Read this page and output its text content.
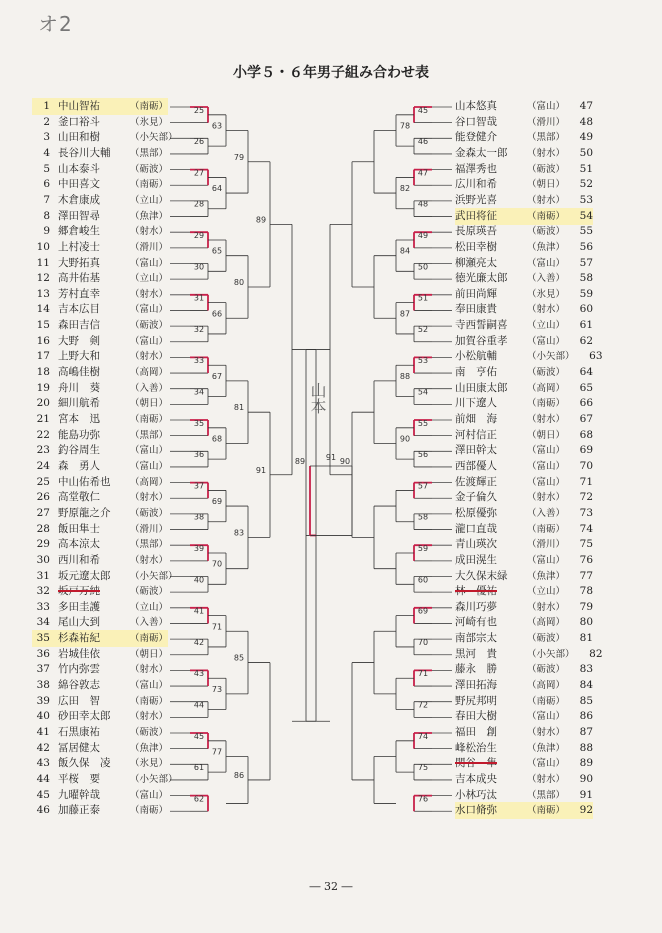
オ2
小学５・６年男子組み合わせ表
山本
25
26
27
28
29
30
31
32
33
34
35
36
37
38
39
40
41
42
43
44
45
61
62
63
64
65
66
67
68
69
70
71
73
77
79
80
81
83
85
86
89
91
45
46
47
48
49
50
51
52
53
54
55
56
57
58
59
60
69
70
71
72
74
75
76
78
82
84
87
88
90
89	91 90
1 中山智祐	（南砺）
2 釜口裕斗	（氷見）
3 山田和樹	（小矢部）
4 長谷川大輔 （黒部）
5 山本泰斗	（砺波）
6 中田喜文	（南砺）
7 木倉康成	（立山）
8 澤田智尋	（魚津）
9 郷倉峻生	（射水）
10 上村凌士	（滑川）
11 大野拓真	（富山）
12 高井佑基	（立山）
13 芳村直幸	（射水）
14 吉本広目	（富山）
15 森田吉信	（砺波）
16 大野　剣	（富山）
17 上野大和	（射水）
18 高嶋佳樹	（高岡）
19 舟川　葵	（入善）
20 細川航希	（朝日）
21 宮本　迅	（南砺）
22 能島功弥	（黒部）
23 釣谷周生	（富山）
24 森　勇人	（富山）
25 中山佑希也 （高岡）
26 高堂敬仁	（射水）
27 野原龍之介 （砺波）
28 飯田隼士	（滑川）
29 高本涼太	（黒部）
30 西川和希	（射水）
31 坂元遼太郎 （小矢部）
32 坂戸万純	（砺波）
33 多田圭護	（立山）
34 尾山大到	（入善）
35 杉森祐紀	（南砺）
36 岩城佳依	（朝日）
37 竹内弥雲	（射水）
38 綿谷敦志	（富山）
39 広田　智	（南砺）
40 砂田幸太郎 （射水）
41 石黒康祐	（砺波）
42 冨居健太	（魚津）
43 飯久保　凌 （氷見）
44 平桜　要	（小矢部）
45 九曜幹哉	（富山）
46 加藤正泰	（南砺）
山本悠真	（富山） 47
谷口智哉	（滑川） 48
能登健介	（黒部） 49
金森太一郎 （射水） 50
福澤秀也	（砺波） 51
広川和希	（朝日） 52
浜野光喜	（射水） 53
武田将征	（南砺） 54
長原瑛吾	（砺波） 55
松田幸樹	（魚津） 56
柳瀬亮太	（富山） 57
徳光廉太郎 （入善） 58
前田尚輝	（氷見） 59
奉田康貴	（射水） 60
寺西誓嗣喜 （立山） 61
加賀谷重孝 （富山） 62
小松航輔	（小矢部） 63
南　亨佑	（砺波） 64
山田康太郎 （高岡） 65
川下遼人	（南砺） 66
前畑　海	（射水） 67
河村信正	（朝日） 68
澤田幹太	（富山） 69
西部優人	（富山） 70
佐渡輝正	（富山） 71
金子倫久	（射水） 72
松原優弥	（入善） 73
瀧口直哉	（南砺） 74
青山瑛次	（滑川） 75
成田滉生	（富山） 76
大久保末緑 （魚津） 77
林　優祐	（立山） 78
森川巧夢	（射水） 79
河崎有也	（高岡） 80
南部宗太	（砺波） 81
黒河　貴	（小矢部） 82
藤永　勝	（砺波） 83
澤田拓海	（高岡） 84
野尻邦明	（南砺） 85
春田大樹	（富山） 86
福田　創	（射水） 87
峰松治生	（魚津） 88
関谷　隼	（富山） 89
吉本成央	（射水） 90
小林巧汰	（黒部） 91
水口脩弥	（南砺） 92
― 32 ―
